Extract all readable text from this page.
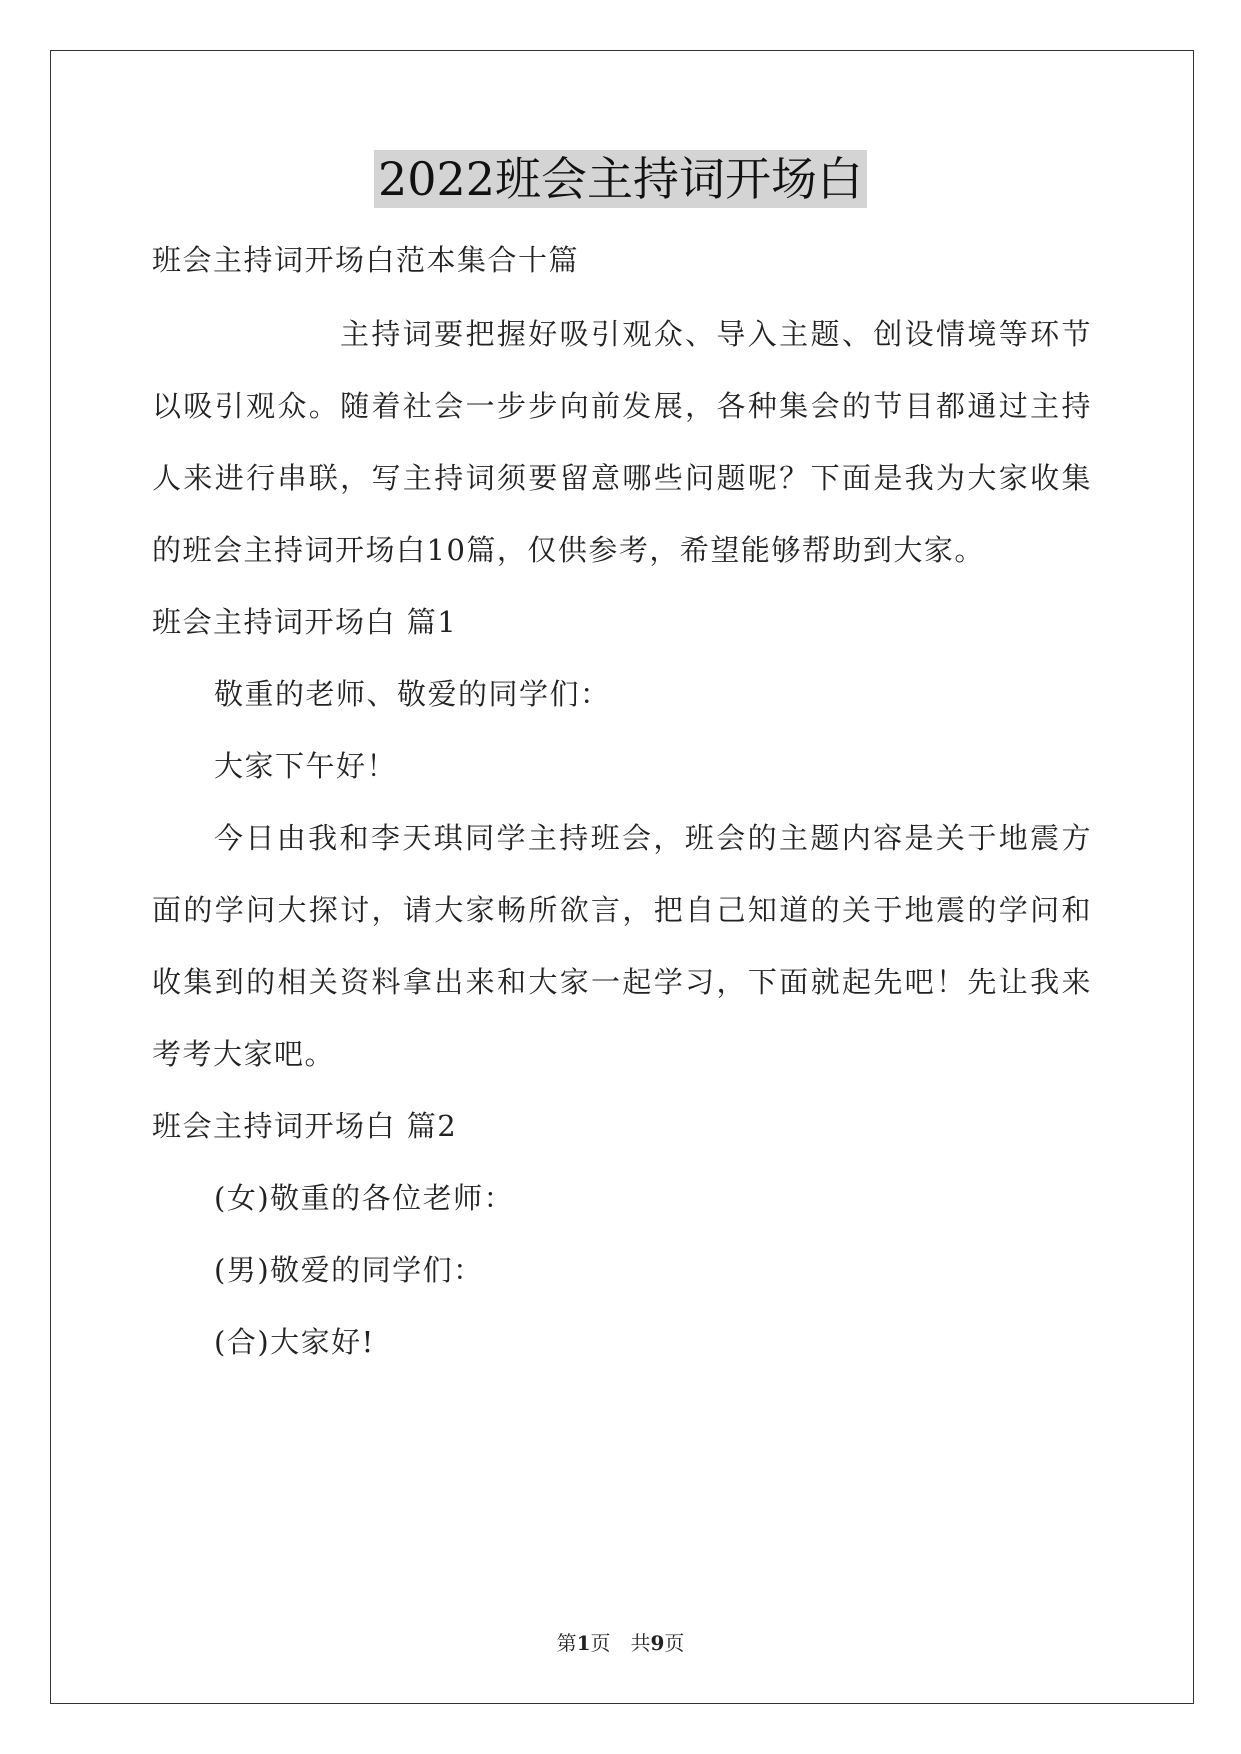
2022班会主持词开场白
班会主持词开场白范本集合十篇
主持词要把握好吸引观众、导入主题、创设情境等环节
以吸引观众。随着社会一步步向前发展，各种集会的节目都通过主持
人来进行串联，写主持词须要留意哪些问题呢？下面是我为大家收集
的班会主持词开场白10篇，仅供参考，希望能够帮助到大家。
班会主持词开场白 篇1
敬重的老师、敬爱的同学们：
大家下午好！
今日由我和李天琪同学主持班会，班会的主题内容是关于地震方
面的学问大探讨，请大家畅所欲言，把自己知道的关于地震的学问和
收集到的相关资料拿出来和大家一起学习，下面就起先吧！先让我来
考考大家吧。
班会主持词开场白 篇2
(女)敬重的各位老师：
(男)敬爱的同学们：
(合)大家好!
第1页　共9页
